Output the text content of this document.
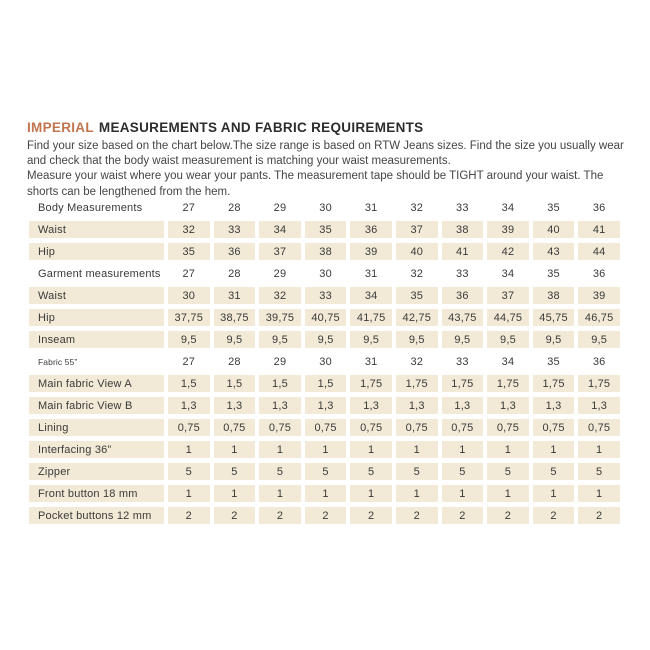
IMPERIAL MEASUREMENTS AND FABRIC REQUIREMENTS

Find your size based on the chart below.The size range is based on RTW Jeans sizes. Find the size you usually wear and check that the body waist measurement is matching your waist measurements.

Measure your waist where you wear your pants. The measurement tape should be TIGHT around your waist. The shorts can be lengthened from the hem.

Body Measurements	27	28	29	30	31	32	33	34	35	36
Waist	32	33	34	35	36	37	38	39	40	41
Hip	35	36	37	38	39	40	41	42	43	44
Garment measurements	27	28	29	30	31	32	33	34	35	36
Waist	30	31	32	33	34	35	36	37	38	39
Hip	37,75	38,75	39,75	40,75	41,75	42,75	43,75	44,75	45,75	46,75
Inseam	9,5	9,5	9,5	9,5	9,5	9,5	9,5	9,5	9,5	9,5
Fabric 55”	27	28	29	30	31	32	33	34	35	36
Main fabric View A	1,5	1,5	1,5	1,5	1,75	1,75	1,75	1,75	1,75	1,75
Main fabric View B	1,3	1,3	1,3	1,3	1,3	1,3	1,3	1,3	1,3	1,3
Lining	0,75	0,75	0,75	0,75	0,75	0,75	0,75	0,75	0,75	0,75
Interfacing 36”	1	1	1	1	1	1	1	1	1	1
Zipper	5	5	5	5	5	5	5	5	5	5
Front button 18 mm	1	1	1	1	1	1	1	1	1	1
Pocket buttons 12 mm	2	2	2	2	2	2	2	2	2	2
